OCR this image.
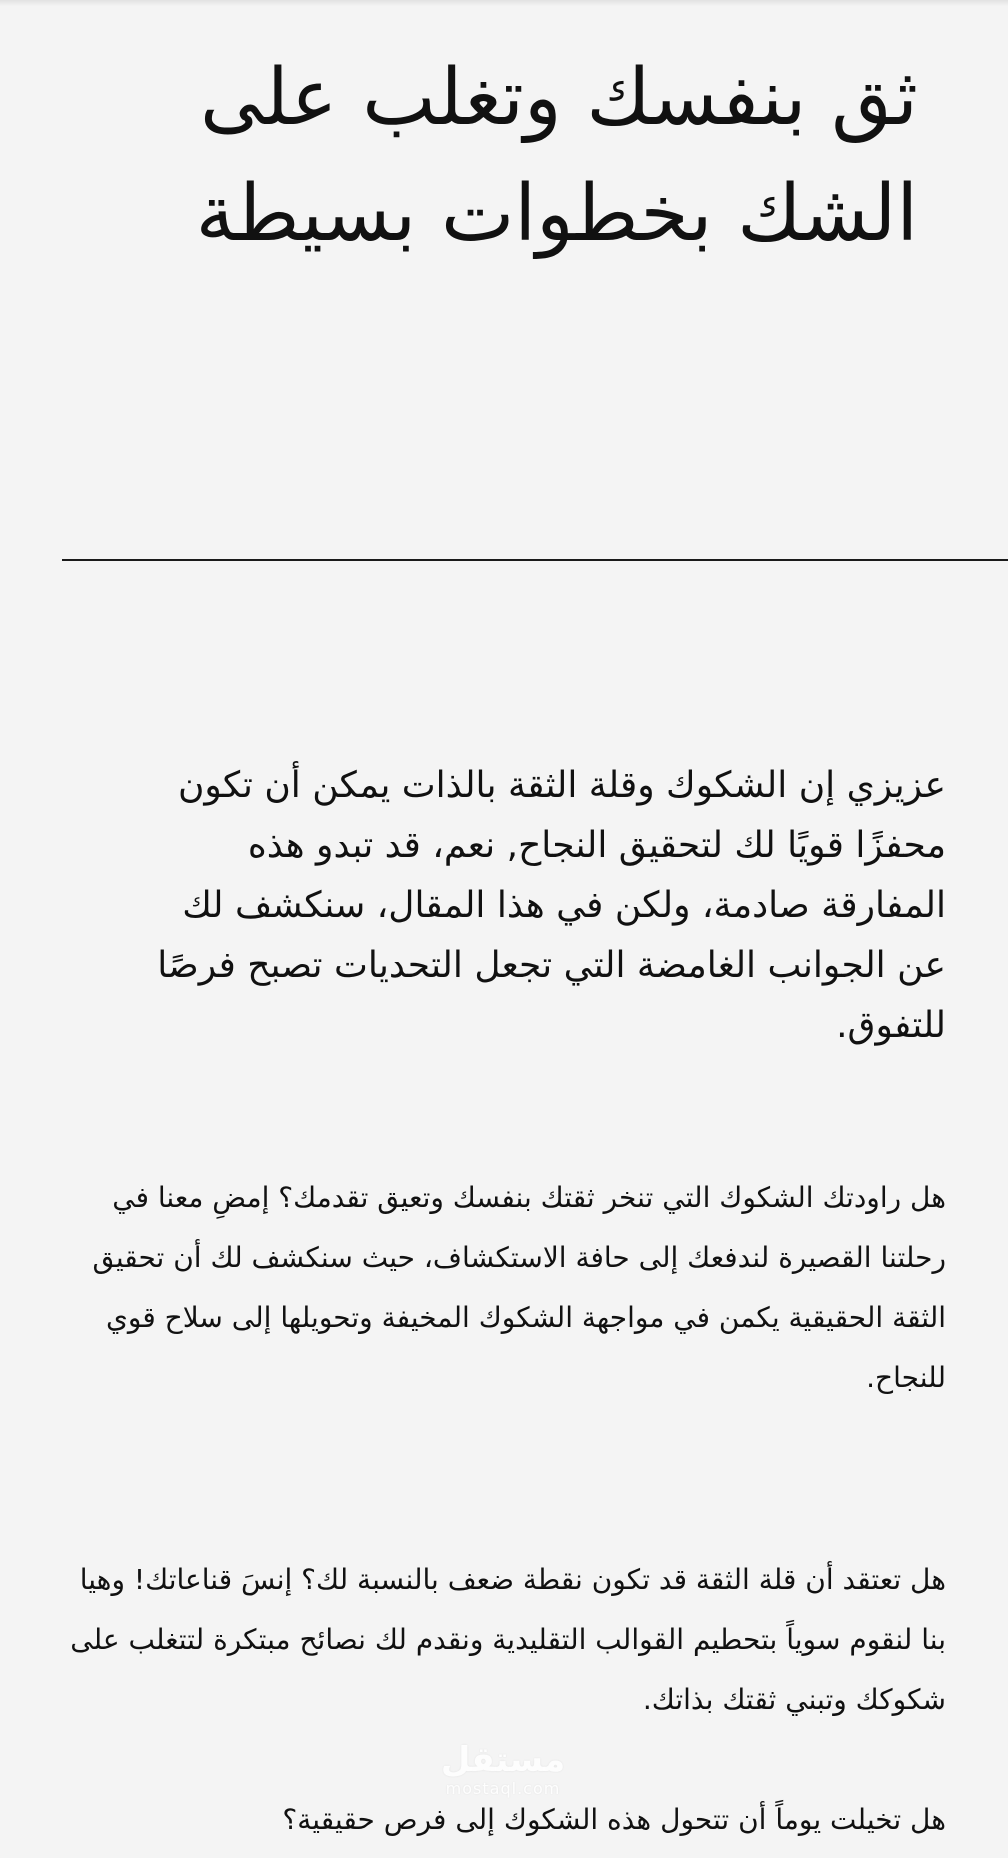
ثق بنفسك وتغلب على الشك بخطوات بسيطة

عزيزي إن الشكوك وقلة الثقة بالذات يمكن أن تكون محفزًا قويًا لك لتحقيق النجاح, نعم، قد تبدو هذه المفارقة صادمة، ولكن في هذا المقال، سنكشف لك عن الجوانب الغامضة التي تجعل التحديات تصبح فرصًا للتفوق.

هل راودتك الشكوك التي تنخر ثقتك بنفسك وتعيق تقدمك؟ إمضِ معنا في رحلتنا القصيرة لندفعك إلى حافة الاستكشاف، حيث سنكشف لك أن تحقيق الثقة الحقيقية يكمن في مواجهة الشكوك المخيفة وتحويلها إلى سلاح قوي للنجاح.

هل تعتقد أن قلة الثقة قد تكون نقطة ضعف بالنسبة لك؟ إنسَ قناعاتك! وهيا بنا لنقوم سوياً بتحطيم القوالب التقليدية ونقدم لك نصائح مبتكرة لتتغلب على شكوكك وتبني ثقتك بذاتك.

هل تخيلت يوماً أن تتحول هذه الشكوك إلى فرص حقيقية؟

مستقل
mostaql.com
